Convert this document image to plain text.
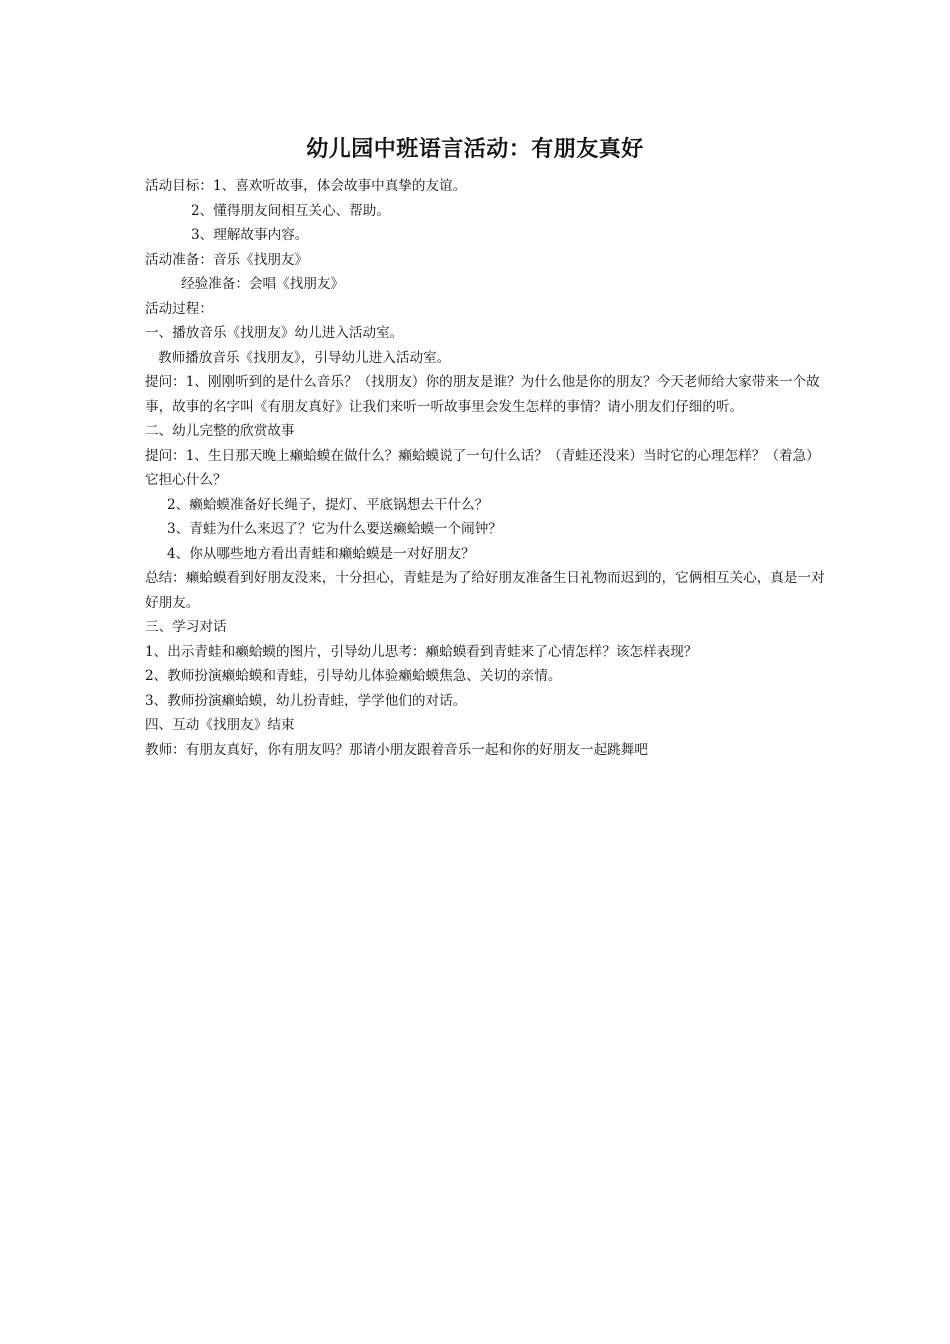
幼儿园中班语言活动：有朋友真好
活动目标：1、喜欢听故事，体会故事中真挚的友谊。
2、懂得朋友间相互关心、帮助。
3、理解故事内容。
活动准备：音乐《找朋友》
经验准备：会唱《找朋友》
活动过程：
一、播放音乐《找朋友》幼儿进入活动室。
教师播放音乐《找朋友》，引导幼儿进入活动室。
提问：1、刚刚听到的是什么音乐？（找朋友）你的朋友是谁？为什么他是你的朋友？今天老师给大家带来一个故事，故事的名字叫《有朋友真好》让我们来听一听故事里会发生怎样的事情？请小朋友们仔细的听。
二、幼儿完整的欣赏故事
提问：1、生日那天晚上癞蛤蟆在做什么？癞蛤蟆说了一句什么话？（青蛙还没来）当时它的心理怎样？（着急）它担心什么？
2、癞蛤蟆准备好长绳子，提灯、平底锅想去干什么？
3、青蛙为什么来迟了？它为什么要送癞蛤蟆一个闹钟？
4、你从哪些地方看出青蛙和癞蛤蟆是一对好朋友？
总结：癞蛤蟆看到好朋友没来，十分担心，青蛙是为了给好朋友准备生日礼物而迟到的，它俩相互关心，真是一对好朋友。
三、学习对话
1、出示青蛙和癞蛤蟆的图片，引导幼儿思考：癞蛤蟆看到青蛙来了心情怎样？该怎样表现？
2、教师扮演癞蛤蟆和青蛙，引导幼儿体验癞蛤蟆焦急、关切的亲情。
3、教师扮演癞蛤蟆，幼儿扮青蛙，学学他们的对话。
四、互动《找朋友》结束
教师：有朋友真好，你有朋友吗？那请小朋友跟着音乐一起和你的好朋友一起跳舞吧
